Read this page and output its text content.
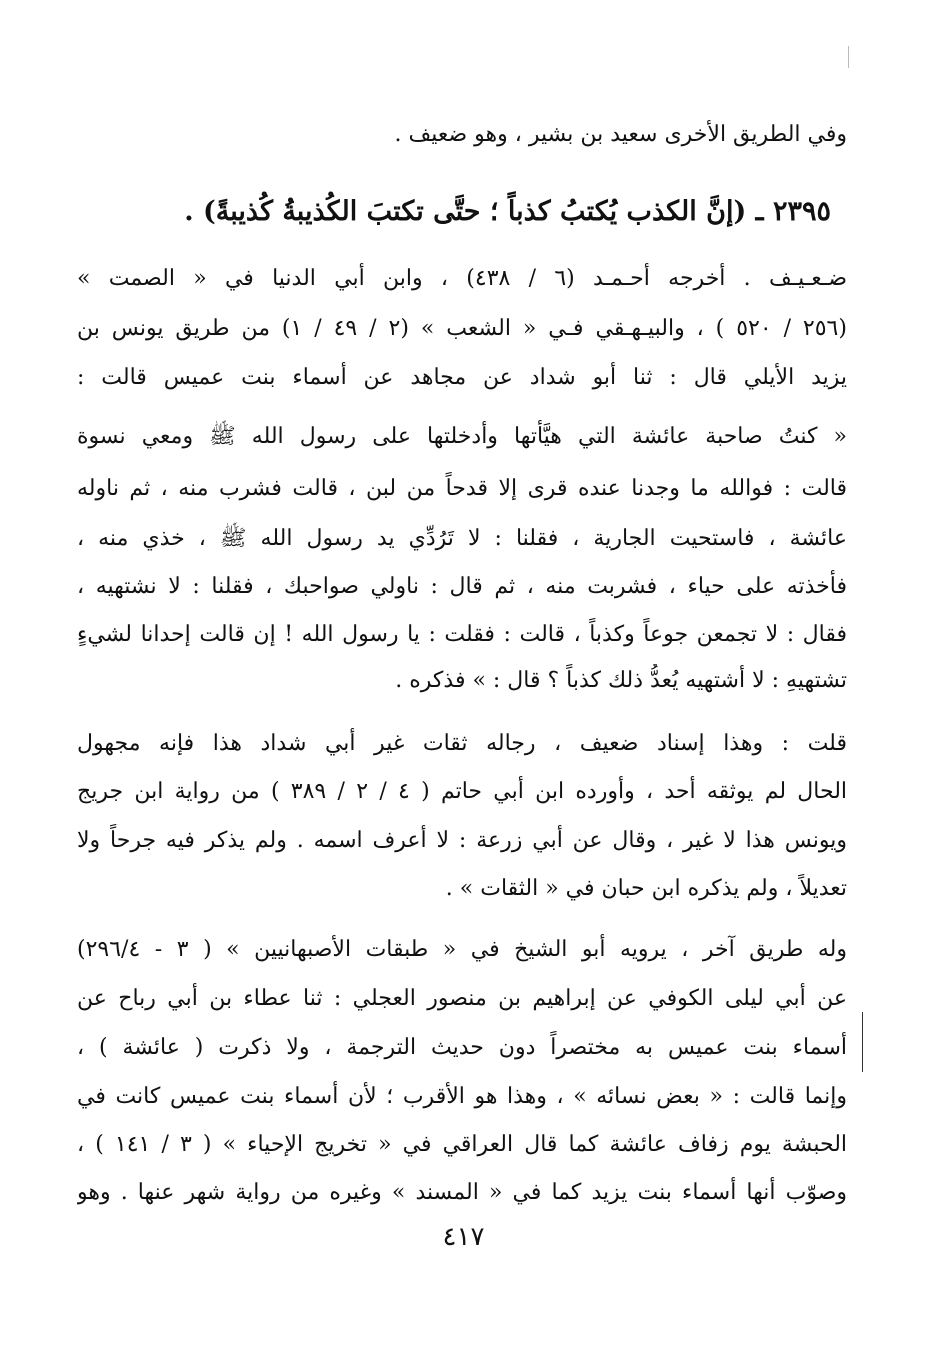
وفي الطريق الأخرى سعيد بن بشير ، وهو ضعيف .
٢٣٩٥ ـ (إنَّ الكذب يُكتبُ كذباً ؛ حتَّى تكتبَ الكُذيبةُ كُذيبةً) .
ضـعـيـف . أخرجه أحـمـد (٦ / ٤٣٨) ، وابن أبي الدنيا في « الصمت »
(٢٥٦ / ٥٢٠ ) ، والبيـهـقي فـي « الشعب » (٢ / ٤٩ / ١) من طريق يونس بن
يزيد الأيلي قال : ثنا أبو شداد عن مجاهد عن أسماء بنت عميس قالت :
« كنتُ صاحبة عائشة التي هيَّأتها وأدخلتها على رسول الله ﷺ ومعي نسوة
قالت : فوالله ما وجدنا عنده قرى إلا قدحاً من لبن ، قالت فشرب منه ، ثم ناوله
عائشة ، فاستحيت الجارية ، فقلنا : لا تَرُدِّي يد رسول الله ﷺ ، خذي منه ،
فأخذته على حياء ، فشربت منه ، ثم قال : ناولي صواحبك ، فقلنا : لا نشتهيه ،
فقال : لا تجمعن جوعاً وكذباً ، قالت : فقلت : يا رسول الله ! إن قالت إحدانا لشيءٍ
تشتهيهِ : لا أشتهيه يُعدُّ ذلك كذباً ؟ قال : » فذكره .
قلت : وهذا إسناد ضعيف ، رجاله ثقات غير أبي شداد هذا فإنه مجهول
الحال لم يوثقه أحد ، وأورده ابن أبي حاتم ( ٤ / ٢ / ٣٨٩ ) من رواية ابن جريج
ويونس هذا لا غير ، وقال عن أبي زرعة : لا أعرف اسمه . ولم يذكر فيه جرحاً ولا
تعديلاً ، ولم يذكره ابن حبان في « الثقات » .
وله طريق آخر ، يرويه أبو الشيخ في « طبقات الأصبهانيين » ( ٣ - ٢٩٦/٤)
عن أبي ليلى الكوفي عن إبراهيم بن منصور العجلي : ثنا عطاء بن أبي رباح عن
أسماء بنت عميس به مختصراً دون حديث الترجمة ، ولا ذكرت ( عائشة ) ،
وإنما قالت : « بعض نسائه » ، وهذا هو الأقرب ؛ لأن أسماء بنت عميس كانت في
الحبشة يوم زفاف عائشة كما قال العراقي في « تخريج الإحياء » ( ٣ / ١٤١ ) ،
وصوّب أنها أسماء بنت يزيد كما في « المسند » وغيره من رواية شهر عنها . وهو
٤١٧
